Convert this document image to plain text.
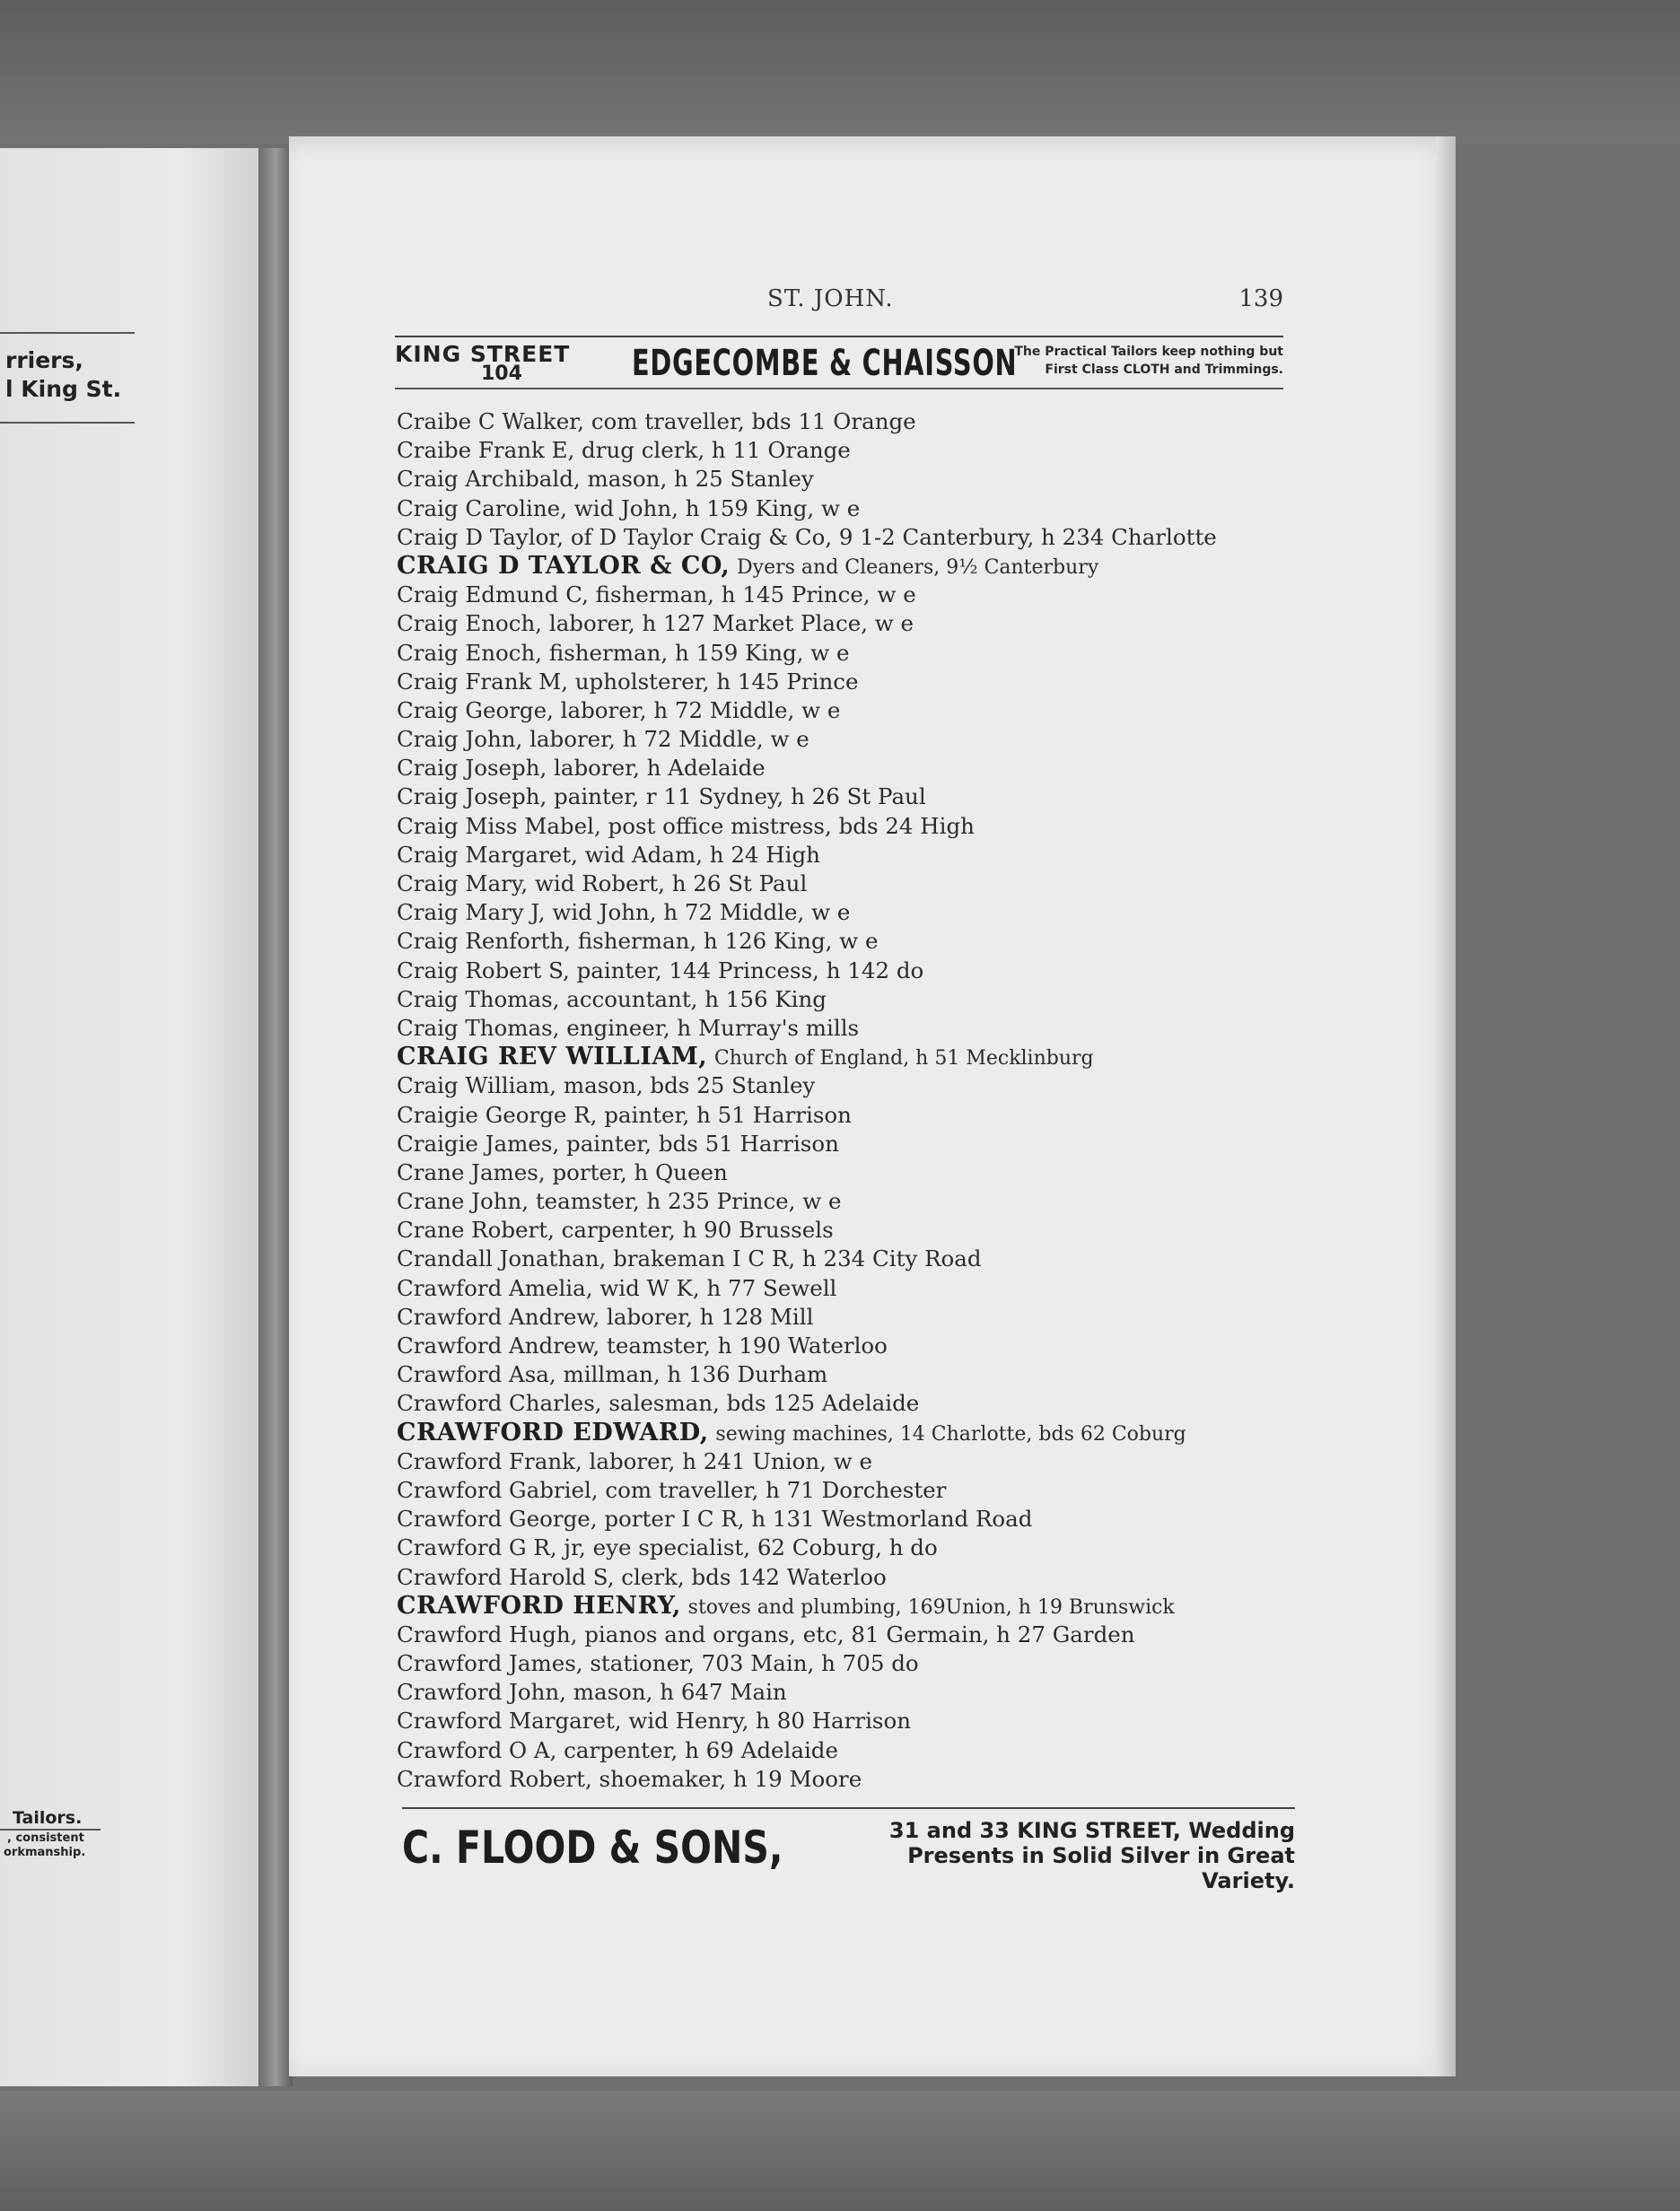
rriers,
l King St.
Tailors.
, consistent
orkmanship.
ST. JOHN.	139
KING STREET
104	EDGECOMBE & CHAISSON
The Practical Tailors keep nothing but
First Class CLOTH and Trimmings.
Craibe C Walker, com traveller, bds 11 Orange
Craibe Frank E, drug clerk, h 11 Orange
Craig Archibald, mason, h 25 Stanley
Craig Caroline, wid John, h 159 King, w e
Craig D Taylor, of D Taylor Craig & Co, 9 1-2 Canterbury, h 234 Charlotte
CRAIG D TAYLOR & CO, Dyers and Cleaners, 9½ Canterbury
Craig Edmund C, fisherman, h 145 Prince, w e
Craig Enoch, laborer, h 127 Market Place, w e
Craig Enoch, fisherman, h 159 King, w e
Craig Frank M, upholsterer, h 145 Prince
Craig George, laborer, h 72 Middle, w e
Craig John, laborer, h 72 Middle, w e
Craig Joseph, laborer, h Adelaide
Craig Joseph, painter, r 11 Sydney, h 26 St Paul
Craig Miss Mabel, post office mistress, bds 24 High
Craig Margaret, wid Adam, h 24 High
Craig Mary, wid Robert, h 26 St Paul
Craig Mary J, wid John, h 72 Middle, w e
Craig Renforth, fisherman, h 126 King, w e
Craig Robert S, painter, 144 Princess, h 142 do
Craig Thomas, accountant, h 156 King
Craig Thomas, engineer, h Murray's mills
CRAIG REV WILLIAM, Church of England, h 51 Mecklinburg
Craig William, mason, bds 25 Stanley
Craigie George R, painter, h 51 Harrison
Craigie James, painter, bds 51 Harrison
Crane James, porter, h Queen
Crane John, teamster, h 235 Prince, w e
Crane Robert, carpenter, h 90 Brussels
Crandall Jonathan, brakeman I C R, h 234 City Road
Crawford Amelia, wid W K, h 77 Sewell
Crawford Andrew, laborer, h 128 Mill
Crawford Andrew, teamster, h 190 Waterloo
Crawford Asa, millman, h 136 Durham
Crawford Charles, salesman, bds 125 Adelaide
CRAWFORD EDWARD, sewing machines, 14 Charlotte, bds 62 Coburg
Crawford Frank, laborer, h 241 Union, w e
Crawford Gabriel, com traveller, h 71 Dorchester
Crawford George, porter I C R, h 131 Westmorland Road
Crawford G R, jr, eye specialist, 62 Coburg, h do
Crawford Harold S, clerk, bds 142 Waterloo
CRAWFORD HENRY, stoves and plumbing, 169Union, h 19 Brunswick
Crawford Hugh, pianos and organs, etc, 81 Germain, h 27 Garden
Crawford James, stationer, 703 Main, h 705 do
Crawford John, mason, h 647 Main
Crawford Margaret, wid Henry, h 80 Harrison
Crawford O A, carpenter, h 69 Adelaide
Crawford Robert, shoemaker, h 19 Moore
C. FLOOD & SONS,	31 and 33 KING STREET, Wedding
Presents in Solid Silver in Great Variety.
